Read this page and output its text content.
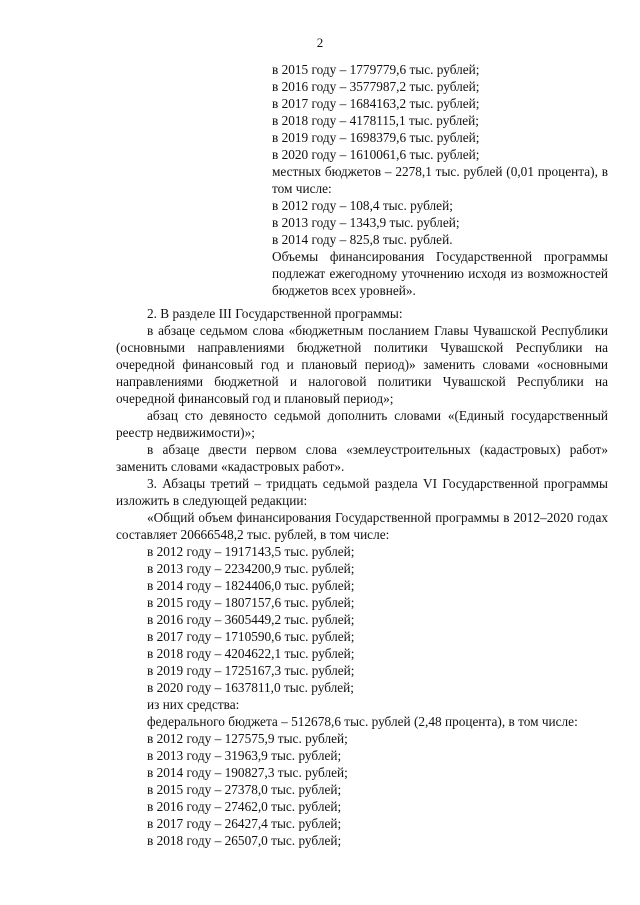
2
в 2015 году – 1779779,6 тыс. рублей;
в 2016 году – 3577987,2 тыс. рублей;
в 2017 году – 1684163,2 тыс. рублей;
в 2018 году – 4178115,1 тыс. рублей;
в 2019 году – 1698379,6 тыс. рублей;
в 2020 году – 1610061,6 тыс. рублей;
местных бюджетов – 2278,1 тыс. рублей (0,01 процента), в том числе:
в 2012 году – 108,4 тыс. рублей;
в 2013 году – 1343,9 тыс. рублей;
в 2014 году – 825,8 тыс. рублей.
Объемы финансирования Государственной программы подлежат ежегодному уточнению исходя из возможностей бюджетов всех уровней».

2. В разделе III Государственной программы:

в абзаце седьмом слова «бюджетным посланием Главы Чувашской Республики (основными направлениями бюджетной политики Чувашской Республики на очередной финансовый год и плановый период)» заменить словами «основными направлениями бюджетной и налоговой политики Чувашской Республики на очередной финансовый год и плановый период»;

абзац сто девяносто седьмой дополнить словами «(Единый государственный реестр недвижимости)»;

в абзаце двести первом слова «землеустроительных (кадастровых) работ» заменить словами «кадастровых работ».

3. Абзацы третий – тридцать седьмой раздела VI Государственной программы изложить в следующей редакции:

«Общий объем финансирования Государственной программы в 2012–2020 годах составляет 20666548,2 тыс. рублей, в том числе:

в 2012 году – 1917143,5 тыс. рублей;
в 2013 году – 2234200,9 тыс. рублей;
в 2014 году – 1824406,0 тыс. рублей;
в 2015 году – 1807157,6 тыс. рублей;
в 2016 году – 3605449,2 тыс. рублей;
в 2017 году – 1710590,6 тыс. рублей;
в 2018 году – 4204622,1 тыс. рублей;
в 2019 году – 1725167,3 тыс. рублей;
в 2020 году – 1637811,0 тыс. рублей;
из них средства:

федерального бюджета – 512678,6 тыс. рублей (2,48 процента), в том числе:

в 2012 году – 127575,9 тыс. рублей;
в 2013 году – 31963,9 тыс. рублей;
в 2014 году – 190827,3 тыс. рублей;
в 2015 году – 27378,0 тыс. рублей;
в 2016 году – 27462,0 тыс. рублей;
в 2017 году – 26427,4 тыс. рублей;
в 2018 году – 26507,0 тыс. рублей;
